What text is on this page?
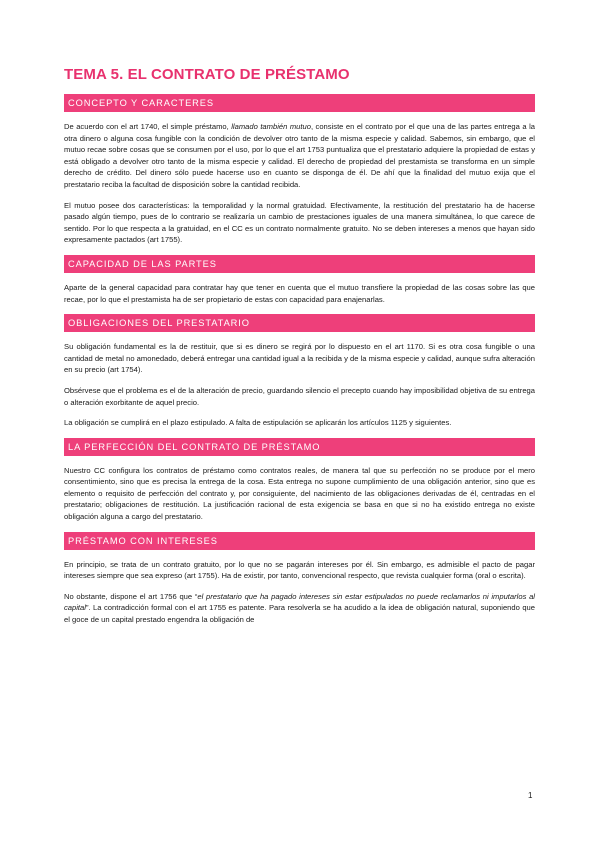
TEMA 5. EL CONTRATO DE PRÉSTAMO
CONCEPTO Y CARACTERES

De acuerdo con el art 1740, el simple préstamo, llamado también mutuo, consiste en el contrato por el que una de las partes entrega a la otra dinero o alguna cosa fungible con la condición de devolver otro tanto de la misma especie y calidad. Sabemos, sin embargo, que el mutuo recae sobre cosas que se consumen por el uso, por lo que el art 1753 puntualiza que el prestatario adquiere la propiedad de estas y está obligado a devolver otro tanto de la misma especie y calidad. El derecho de propiedad del prestamista se transforma en un simple derecho de crédito. Del dinero sólo puede hacerse uso en cuanto se disponga de él. De ahí que la finalidad del mutuo exija que el prestatario reciba la facultad de disposición sobre la cantidad recibida.

El mutuo posee dos características: la temporalidad y la normal gratuidad. Efectivamente, la restitución del prestatario ha de hacerse pasado algún tiempo, pues de lo contrario se realizaría un cambio de prestaciones iguales de una manera simultánea, lo que carece de sentido. Por lo que respecta a la gratuidad, en el CC es un contrato normalmente gratuito. No se deben intereses a menos que hayan sido expresamente pactados (art 1755).

CAPACIDAD DE LAS PARTES

Aparte de la general capacidad para contratar hay que tener en cuenta que el mutuo transfiere la propiedad de las cosas sobre las que recae, por lo que el prestamista ha de ser propietario de estas con capacidad para enajenarlas.

OBLIGACIONES DEL PRESTATARIO

Su obligación fundamental es la de restituir, que si es dinero se regirá por lo dispuesto en el art 1170. Si es otra cosa fungible o una cantidad de metal no amonedado, deberá entregar una cantidad igual a la recibida y de la misma especie y calidad, aunque sufra alteración en su precio (art 1754).

Obsérvese que el problema es el de la alteración de precio, guardando silencio el precepto cuando hay imposibilidad objetiva de su entrega o alteración exorbitante de aquel precio.

La obligación se cumplirá en el plazo estipulado. A falta de estipulación se aplicarán los artículos 1125 y siguientes.

LA PERFECCIÓN DEL CONTRATO DE PRÉSTAMO

Nuestro CC configura los contratos de préstamo como contratos reales, de manera tal que su perfección no se produce por el mero consentimiento, sino que es precisa la entrega de la cosa. Esta entrega no supone cumplimiento de una obligación anterior, sino que es elemento o requisito de perfección del contrato y, por consiguiente, del nacimiento de las obligaciones derivadas de él, centradas en el prestatario; obligaciones de restitución. La justificación racional de esta exigencia se basa en que si no ha existido entrega no existe obligación alguna a cargo del prestatario.

PRÉSTAMO CON INTERESES

En principio, se trata de un contrato gratuito, por lo que no se pagarán intereses por él. Sin embargo, es admisible el pacto de pagar intereses siempre que sea expreso (art 1755). Ha de existir, por tanto, convencional respecto, que revista cualquier forma (oral o escrita).

No obstante, dispone el art 1756 que “el prestatario que ha pagado intereses sin estar estipulados no puede reclamarlos ni imputarlos al capital”. La contradicción formal con el art 1755 es patente. Para resolverla se ha acudido a la idea de obligación natural, suponiendo que el goce de un capital prestado engendra la obligación de

1
